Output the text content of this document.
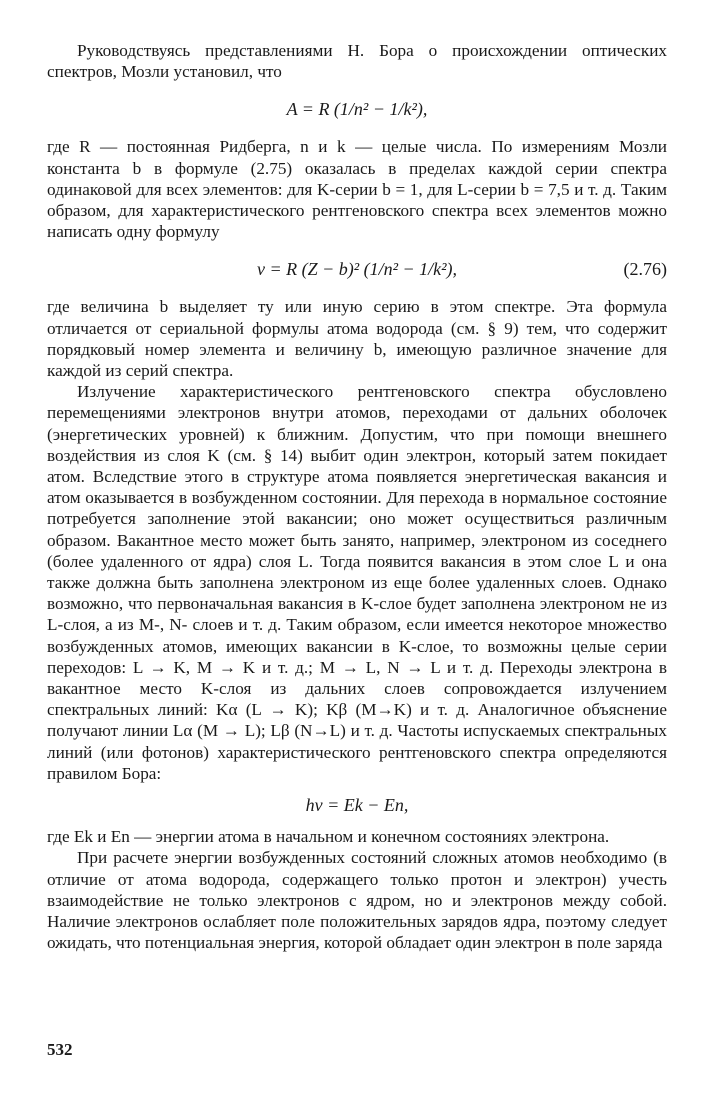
Руководствуясь представлениями Н. Бора о происхождении оптических спектров, Мозли установил, что

A = R (1/n² − 1/k²),

где R — постоянная Ридберга, n и k — целые числа. По измерениям Мозли константа b в формуле (2.75) оказалась в пределах каждой серии спектра одинаковой для всех элементов: для K-серии b = 1, для L-серии b = 7,5 и т. д. Таким образом, для характеристического рентгеновского спектра всех элементов можно написать одну формулу

ν = R (Z − b)² (1/n² − 1/k²),	(2.76)

где величина b выделяет ту или иную серию в этом спектре. Эта формула отличается от сериальной формулы атома водорода (см. § 9) тем, что содержит порядковый номер элемента и величину b, имеющую различное значение для каждой из серий спектра.

Излучение характеристического рентгеновского спектра обусловлено перемещениями электронов внутри атомов, переходами от дальних оболочек (энергетических уровней) к ближним. Допустим, что при помощи внешнего воздействия из слоя K (см. § 14) выбит один электрон, который затем покидает атом. Вследствие этого в структуре атома появляется энергетическая вакансия и атом оказывается в возбужденном состоянии. Для перехода в нормальное состояние потребуется заполнение этой вакансии; оно может осуществиться различным образом. Вакантное место может быть занято, например, электроном из соседнего (более удаленного от ядра) слоя L. Тогда появится вакансия в этом слое L и она также должна быть заполнена электроном из еще более удаленных слоев. Однако возможно, что первоначальная вакансия в K-слое будет заполнена электроном не из L-слоя, а из M-, N- слоев и т. д. Таким образом, если имеется некоторое множество возбужденных атомов, имеющих вакансии в K-слое, то возможны целые серии переходов: L → K, M → K и т. д.; M → L, N → L и т. д. Переходы электрона в вакантное место K-слоя из дальних слоев сопровождается излучением спектральных линий: Kα (L → K); Kβ (M→K) и т. д. Аналогичное объяснение получают линии Lα (M → L); Lβ (N→L) и т. д. Частоты испускаемых спектральных линий (или фотонов) характеристического рентгеновского спектра определяются правилом Бора:

hν = Ek − En,

где Ek и En — энергии атома в начальном и конечном состояниях электрона.

При расчете энергии возбужденных состояний сложных атомов необходимо (в отличие от атома водорода, содержащего только протон и электрон) учесть взаимодействие не только электронов с ядром, но и электронов между собой. Наличие электронов ослабляет поле положительных зарядов ядра, поэтому следует ожидать, что потенциальная энергия, которой обладает один электрон в поле заряда

532
